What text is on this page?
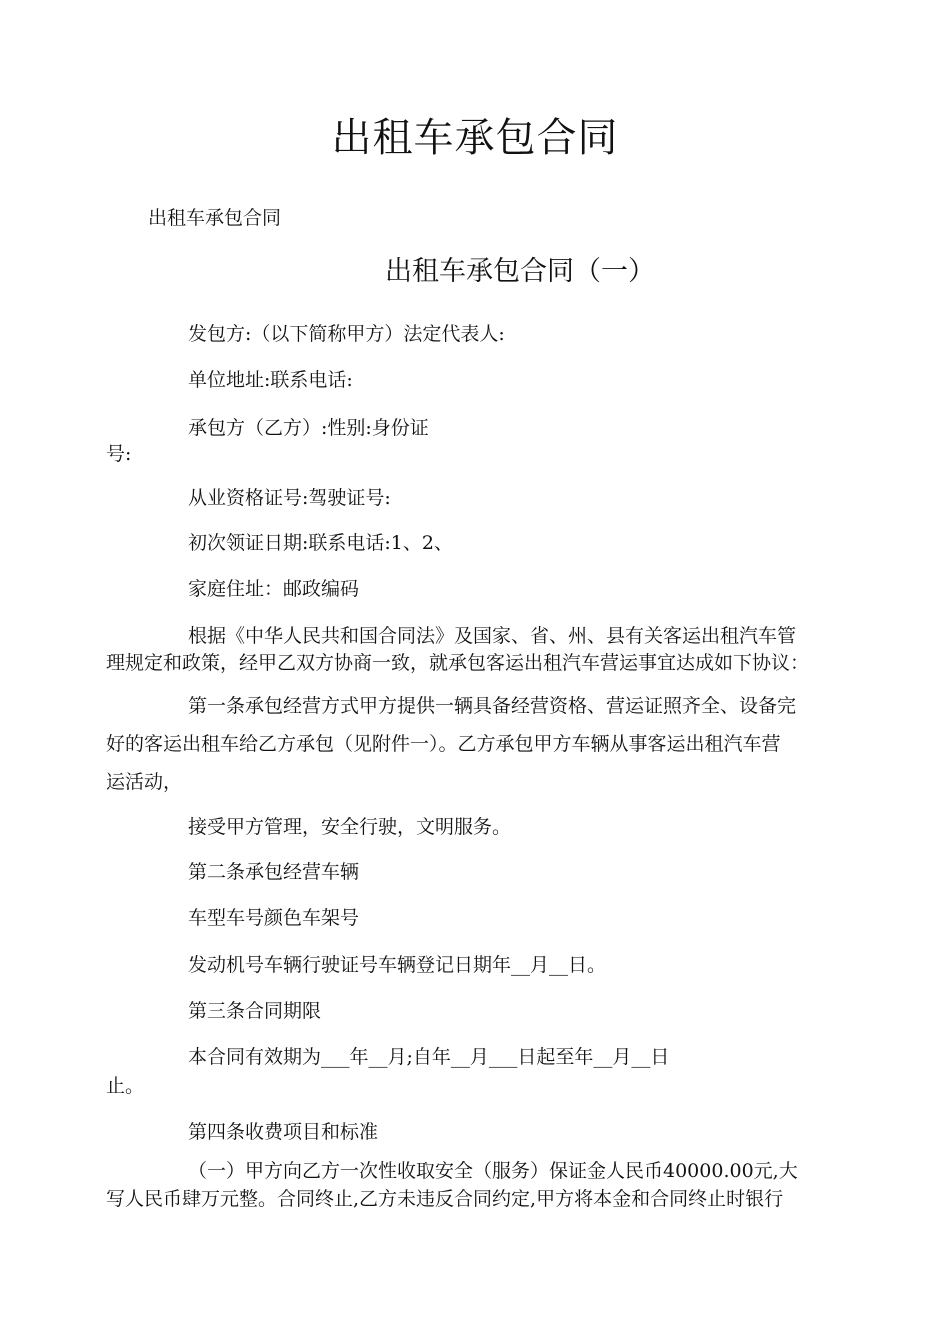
出租车承包合同
出租车承包合同
出租车承包合同（一）
发包方:（以下简称甲方）法定代表人:
单位地址:联系电话:
承包方（乙方）:性别:身份证
号:
从业资格证号:驾驶证号:
初次领证日期:联系电话:1、2、
家庭住址：邮政编码
根据《中华人民共和国合同法》及国家、省、州、县有关客运出租汽车管
理规定和政策，经甲乙双方协商一致，就承包客运出租汽车营运事宜达成如下协议：
第一条承包经营方式甲方提供一辆具备经营资格、营运证照齐全、设备完
好的客运出租车给乙方承包（见附件一）。乙方承包甲方车辆从事客运出租汽车营
运活动，
接受甲方管理，安全行驶，文明服务。
第二条承包经营车辆
车型车号颜色车架号
发动机号车辆行驶证号车辆登记日期年__月__日。
第三条合同期限
本合同有效期为___年__月;自年__月___日起至年__月__日
止。
第四条收费项目和标准
（一）甲方向乙方一次性收取安全（服务）保证金人民币40000.00元,大
写人民币肆万元整。合同终止,乙方未违反合同约定,甲方将本金和合同终止时银行
